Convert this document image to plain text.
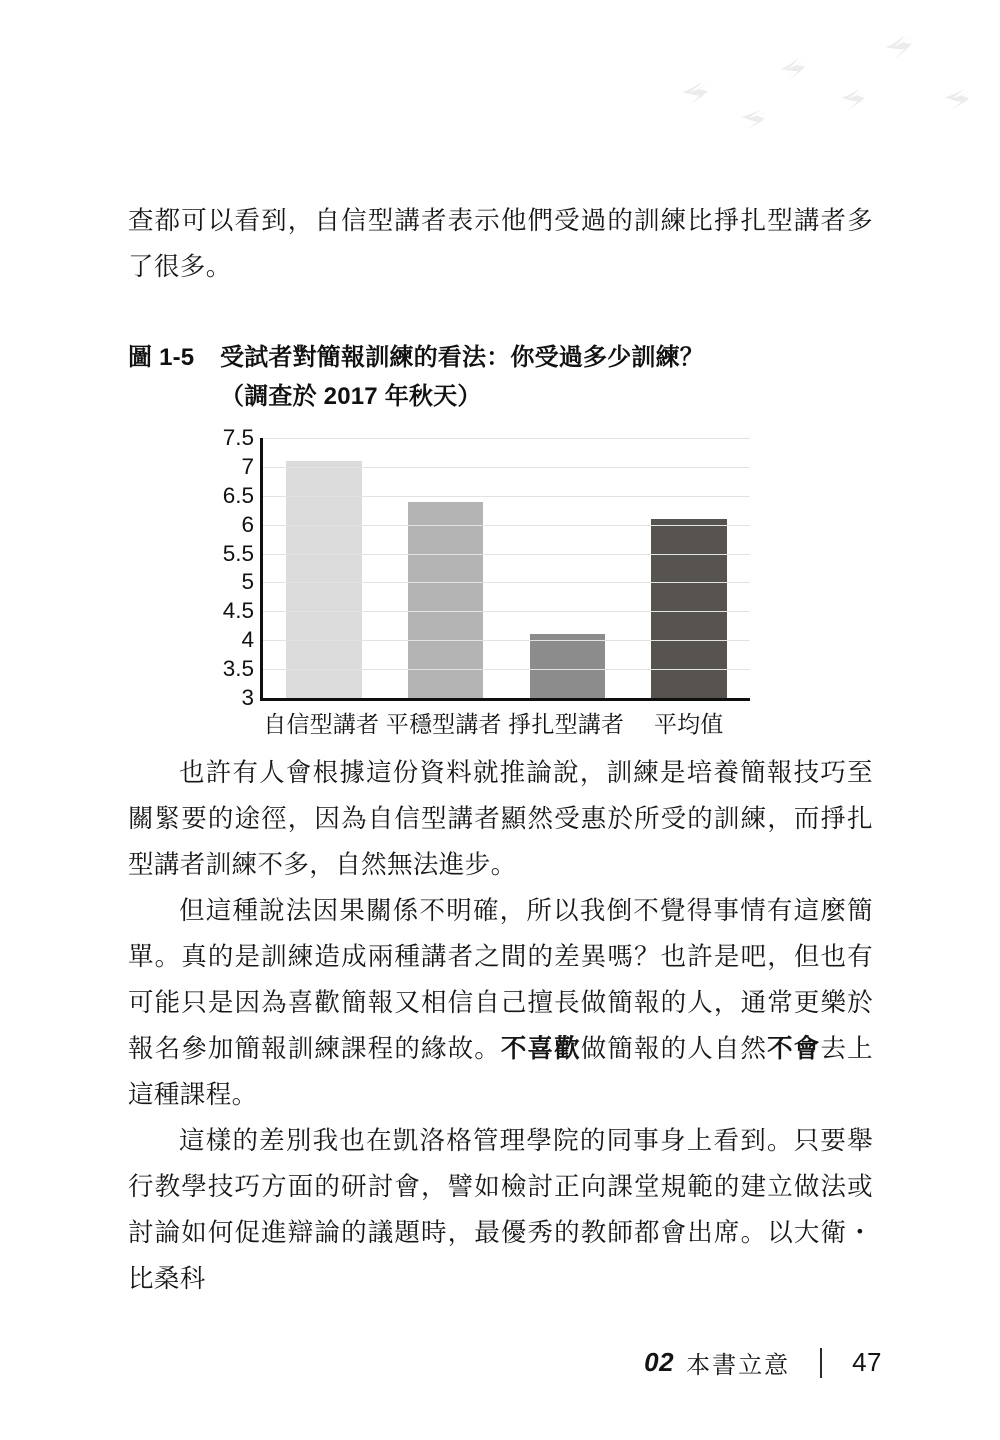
查都可以看到，自信型講者表示他們受過的訓練比掙扎型講者多了很多。

圖 1-5 受試者對簡報訓練的看法：你受過多少訓練？
（調查於 2017 年秋天）
7.5
7
6.5
6
5.5
5
4.5
4
3.5
3
自信型講者 平穩型講者 掙扎型講者	平均值

也許有人會根據這份資料就推論說，訓練是培養簡報技巧至關緊要的途徑，因為自信型講者顯然受惠於所受的訓練，而掙扎型講者訓練不多，自然無法進步。

但這種說法因果關係不明確，所以我倒不覺得事情有這麼簡單。真的是訓練造成兩種講者之間的差異嗎？也許是吧，但也有可能只是因為喜歡簡報又相信自己擅長做簡報的人，通常更樂於報名參加簡報訓練課程的緣故。不喜歡做簡報的人自然不會去上這種課程。

這樣的差別我也在凱洛格管理學院的同事身上看到。只要舉行教學技巧方面的研討會，譬如檢討正向課堂規範的建立做法或討論如何促進辯論的議題時，最優秀的教師都會出席。以大衛・比桑科

02 本書立意 47
